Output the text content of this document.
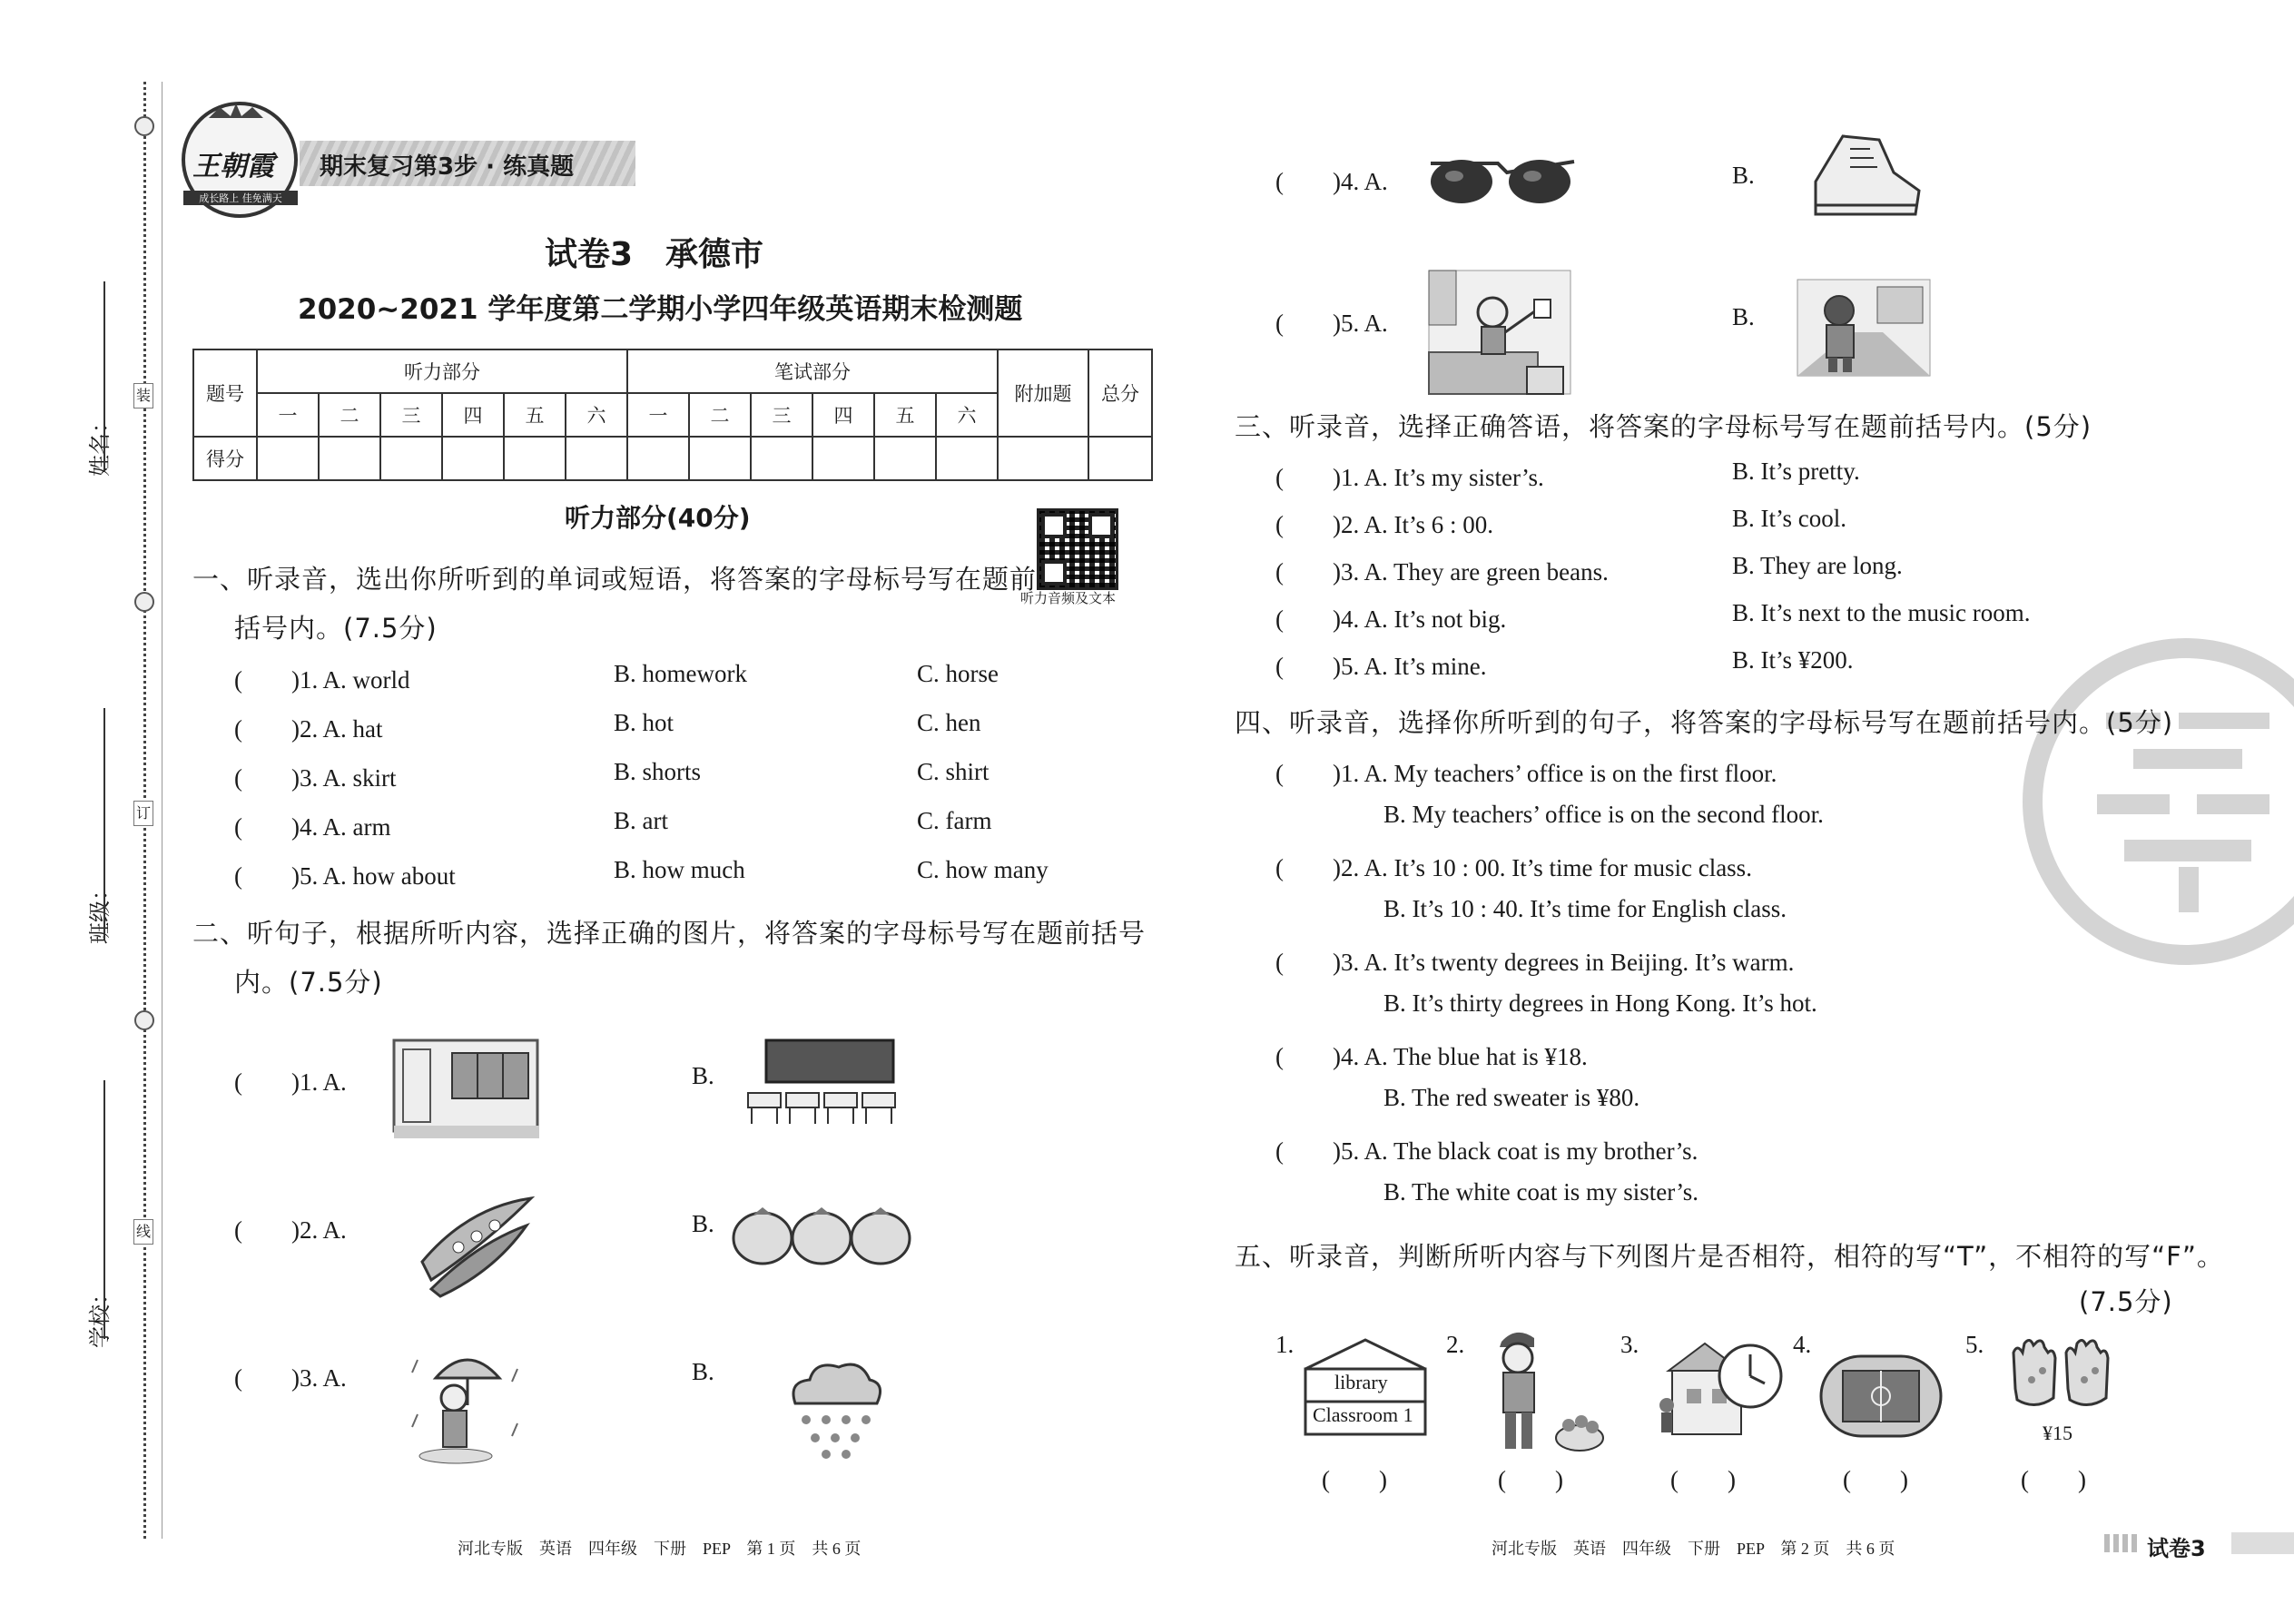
姓名：
班级：
学校：
装
订
线
王朝霞
成长路上 佳免满天
期末复习第3步 · 练真题
试卷3　承德市
2020~2021 学年度第二学期小学四年级英语期末检测题
题号	听力部分						笔试部分						附加题	总分
	一	二	三	四	五	六	一	二	三	四	五	六		
得分														
听力部分(40分)
听力音频及文本
一、听录音，选出你所听到的单词或短语，将答案的字母标号写在题前
括号内。(7.5分)
(　　)1. A. world	B. homework	C. horse
(　　)2. A. hat	B. hot	C. hen
(　　)3. A. skirt	B. shorts	C. shirt
(　　)4. A. arm	B. art	C. farm
(　　)5. A. how about	B. how much	C. how many
二、听句子，根据所听内容，选择正确的图片，将答案的字母标号写在题前括号
内。(7.5分)
(　　)1. A.	B.
(　　)2. A.	B.
(　　)3. A.	B.
(　　)4. A.	B.
(　　)5. A.	B.
三、听录音，选择正确答语，将答案的字母标号写在题前括号内。(5分)
(　　)1. A. It’s my sister’s.	B. It’s pretty.
(　　)2. A. It’s 6 : 00.	B. It’s cool.
(　　)3. A. They are green beans.	B. They are long.
(　　)4. A. It’s not big.	B. It’s next to the music room.
(　　)5. A. It’s mine.	B. It’s ¥200.
四、听录音，选择你所听到的句子，将答案的字母标号写在题前括号内。(5分)
(　　)1. A. My teachers’ office is on the first floor.
B. My teachers’ office is on the second floor.
(　　)2. A. It’s 10 : 00. It’s time for music class.
B. It’s 10 : 40. It’s time for English class.
(　　)3. A. It’s twenty degrees in Beijing. It’s warm.
B. It’s thirty degrees in Hong Kong. It’s hot.
(　　)4. A. The blue hat is ¥18.
B. The red sweater is ¥80.
(　　)5. A. The black coat is my brother’s.
B. The white coat is my sister’s.
五、听录音，判断所听内容与下列图片是否相符，相符的写“T”，不相符的写“F”。
(7.5分)
1.	2.	3.	4.	5.
library
Classroom 1
¥15
(　　)	(　　)	(　　)	(　　)	(　　)
河北专版　英语　四年级　下册　PEP　第 1 页　共 6 页	河北专版　英语　四年级　下册　PEP　第 2 页　共 6 页	试卷3
